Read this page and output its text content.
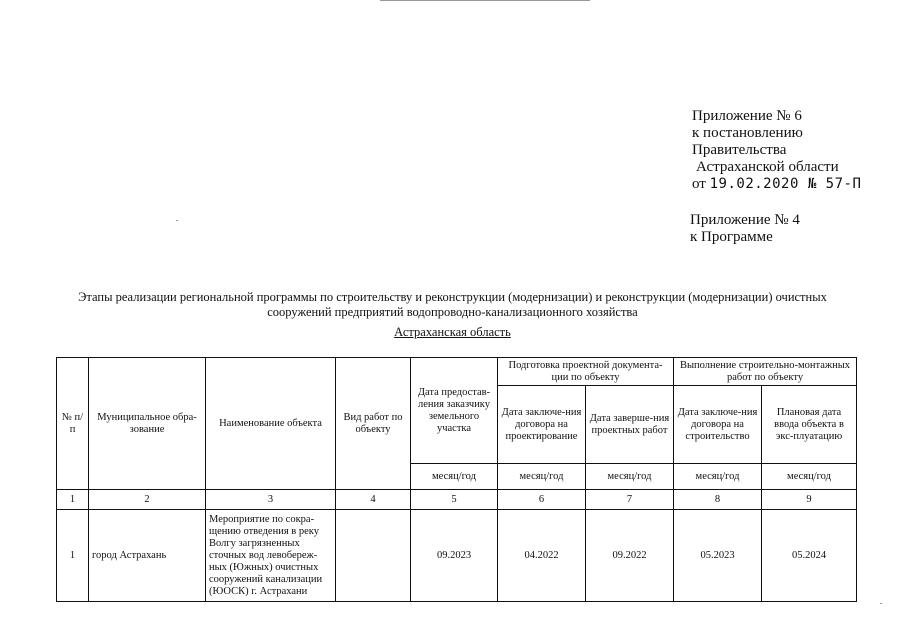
Приложение № 6
к постановлению
Правительства
Астраханской области
от 19.02.2020 № 57-П
Приложение № 4
к Программе
Этапы реализации региональной программы по строительству и реконструкции (модернизации) и реконструкции (модернизации) очистных
сооружений предприятий водопроводно-канализационного хозяйства
Астраханская область
№ п/п	Муниципальное обра-зование	Наименование объекта	Вид работ по объекту	Дата предостав-ления заказчику земельного участка	Подготовка проектной документа-ции по объекту		Выполнение строительно-монтажных работ по объекту	
					Дата заключе-ния договора на проектирование	Дата заверше-ния проектных работ	Дата заключе-ния договора на строительство	Плановая дата ввода объекта в экс-плуатацию
				месяц/год	месяц/год	месяц/год	месяц/год	месяц/год
1	2	3	4	5	6	7	8	9
1	город Астрахань	Мероприятие по сокра-щению отведения в реку Волгу загрязненных сточных вод левобереж-ных (Южных) очистных сооружений канализации (ЮОСК) г. Астрахани		09.2023	04.2022	09.2022	05.2023	05.2024
